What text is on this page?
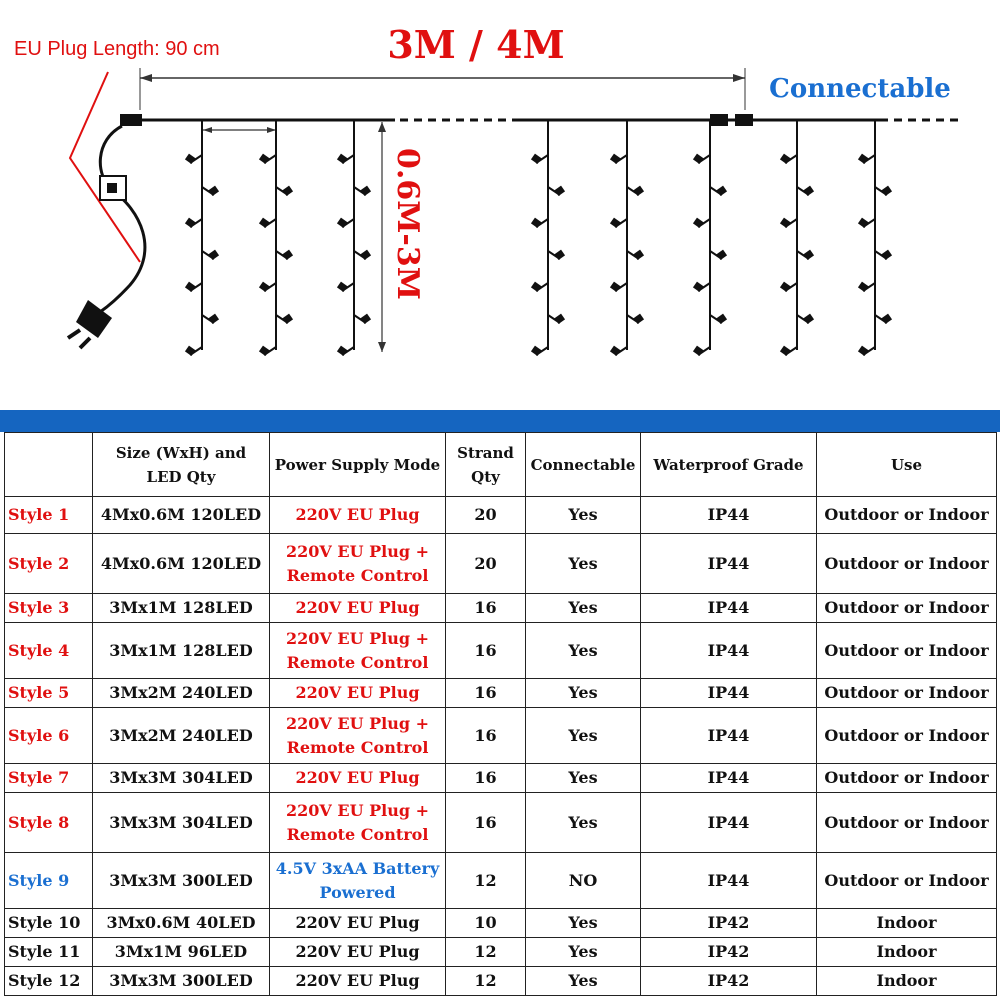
EU Plug Length: 90 cm	3M / 4M
Connectable
0.6M-3M
	Size (WxH) and LED Qty	Power Supply Mode	Strand Qty	Connectable	Waterproof Grade	Use
Style 1	4Mx0.6M 120LED	220V EU Plug	20	Yes	IP44	Outdoor or Indoor
Style 2	4Mx0.6M 120LED	220V EU Plug + Remote Control	20	Yes	IP44	Outdoor or Indoor
Style 3	3Mx1M 128LED	220V EU Plug	16	Yes	IP44	Outdoor or Indoor
Style 4	3Mx1M 128LED	220V EU Plug + Remote Control	16	Yes	IP44	Outdoor or Indoor
Style 5	3Mx2M 240LED	220V EU Plug	16	Yes	IP44	Outdoor or Indoor
Style 6	3Mx2M 240LED	220V EU Plug + Remote Control	16	Yes	IP44	Outdoor or Indoor
Style 7	3Mx3M 304LED	220V EU Plug	16	Yes	IP44	Outdoor or Indoor
Style 8	3Mx3M 304LED	220V EU Plug + Remote Control	16	Yes	IP44	Outdoor or Indoor
Style 9	3Mx3M 300LED	4.5V 3xAA Battery Powered	12	NO	IP44	Outdoor or Indoor
Style 10	3Mx0.6M 40LED	220V EU Plug	10	Yes	IP42	Indoor
Style 11	3Mx1M 96LED	220V EU Plug	12	Yes	IP42	Indoor
Style 12	3Mx3M 300LED	220V EU Plug	12	Yes	IP42	Indoor
